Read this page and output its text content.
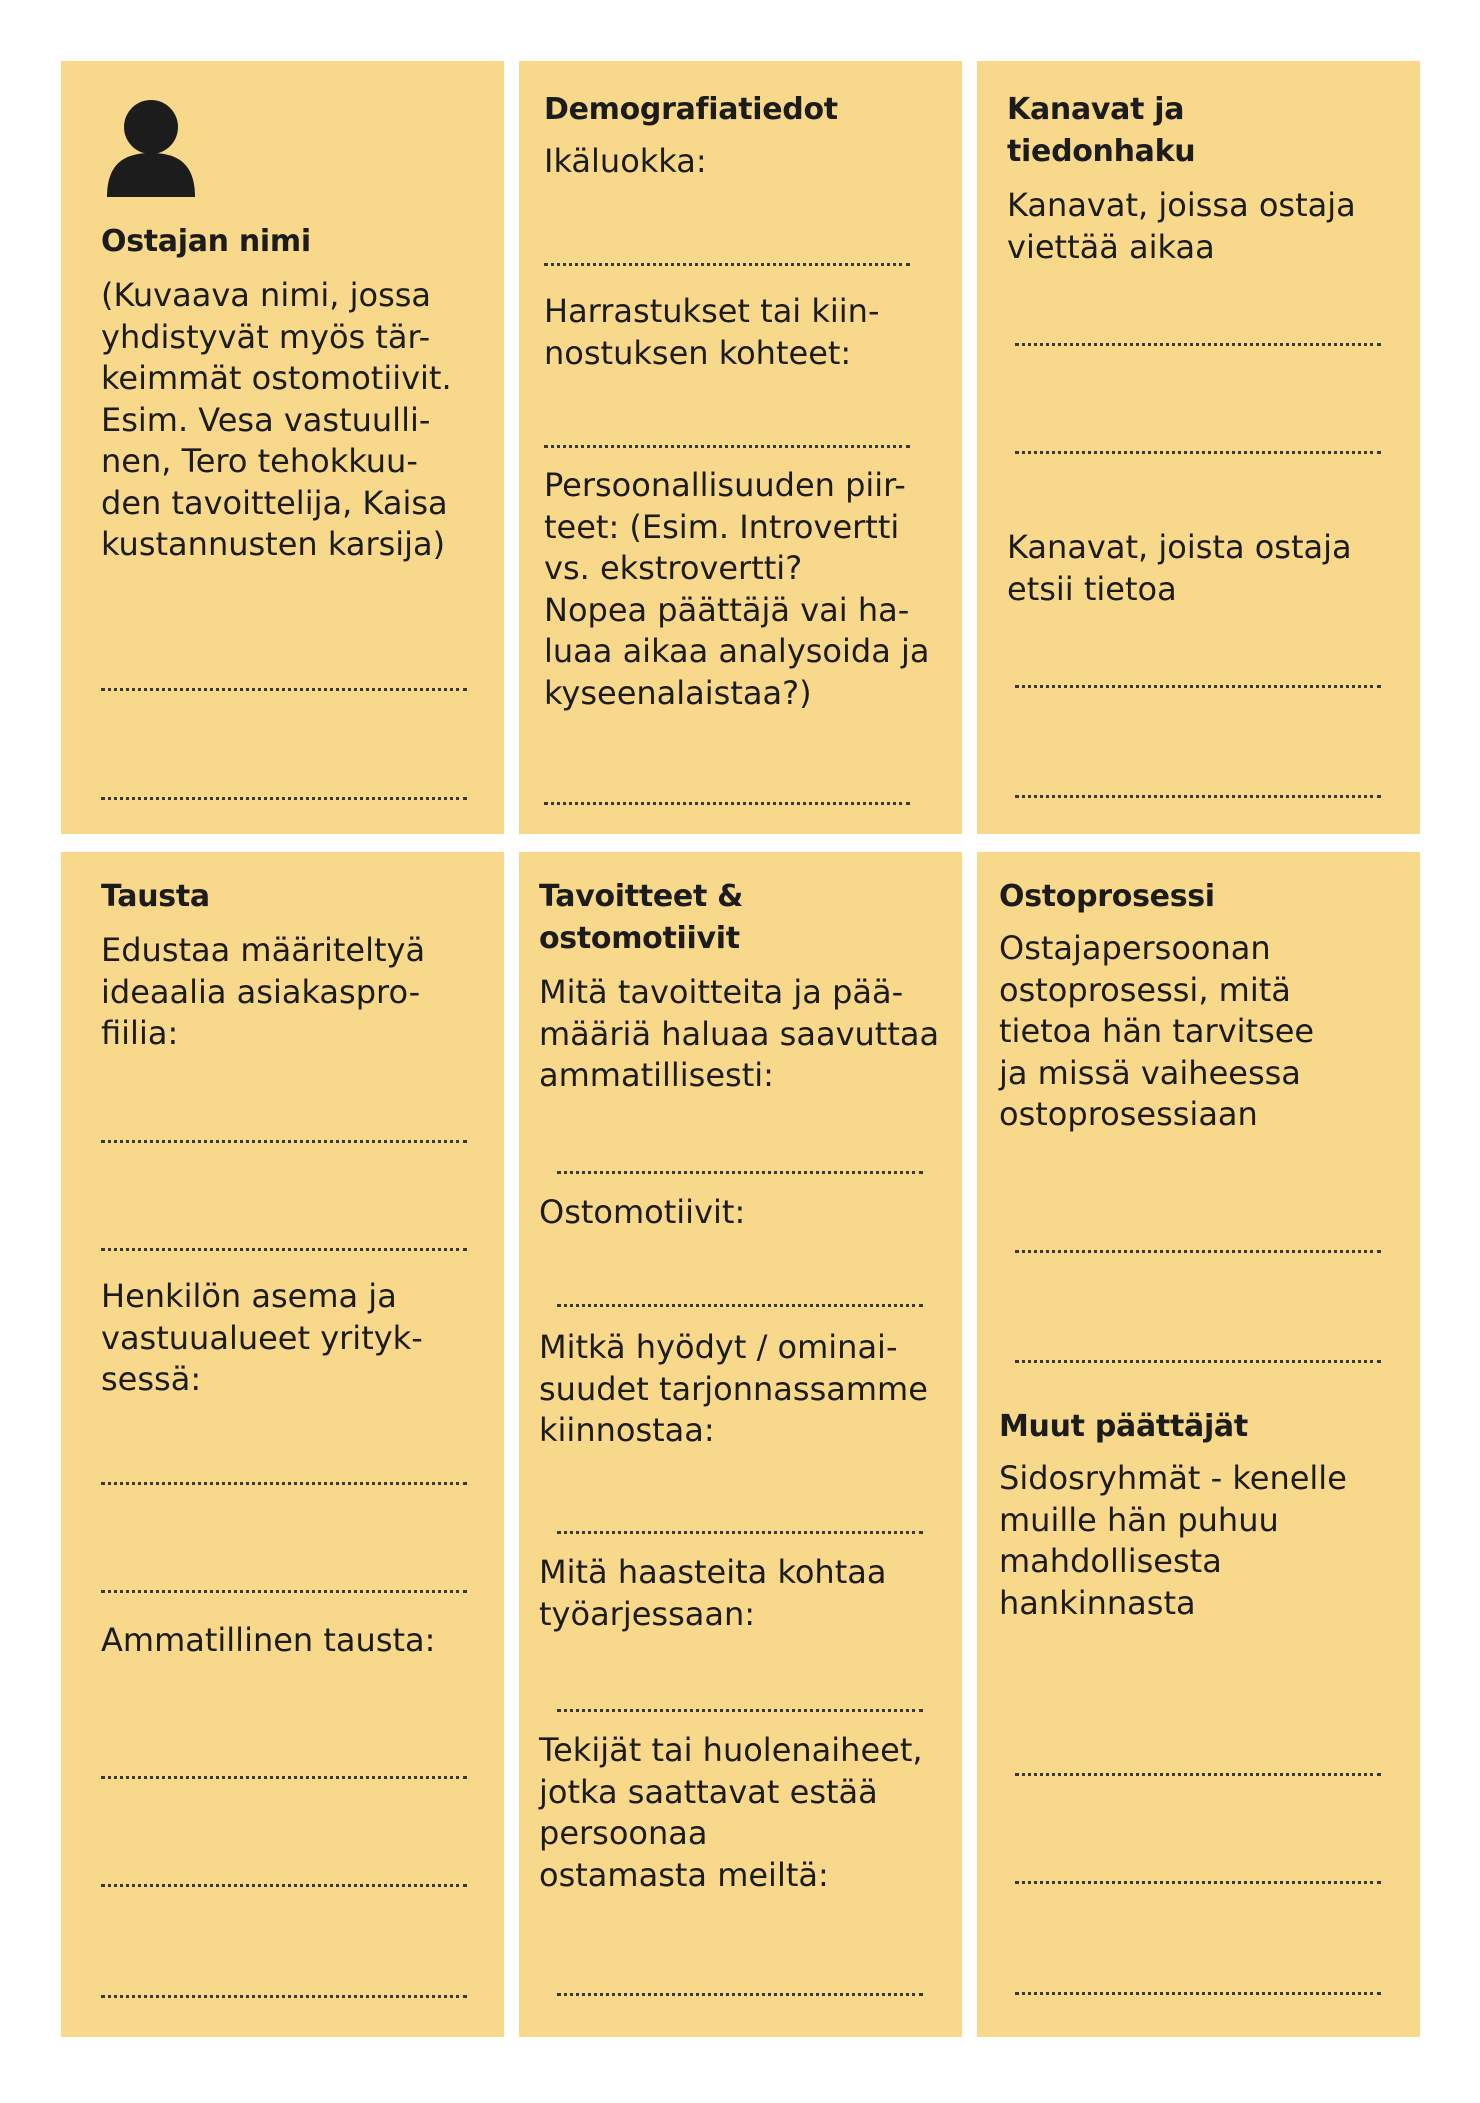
Ostajan nimi

(Kuvaava nimi, jossa
yhdistyvät myös tär-
keimmät ostomotiivit.
Esim. Vesa vastuulli-
nen, Tero tehokkuu-
den tavoittelija, Kaisa
kustannusten karsija)

Demografiatiedot

Ikäluokka:

Harrastukset tai kiin-
nostuksen kohteet:

Persoonallisuuden piir-
teet: (Esim. Introvertti
vs. ekstrovertti?
Nopea päättäjä vai ha-
luaa aikaa analysoida ja
kyseenalaistaa?)

Kanavat ja
tiedonhaku

Kanavat, joissa ostaja
viettää aikaa

Kanavat, joista ostaja
etsii tietoa

Tausta

Edustaa määriteltyä
ideaalia asiakaspro-
fiilia:

Henkilön asema ja
vastuualueet yrityk-
sessä:

Ammatillinen tausta:

Tavoitteet &
ostomotiivit

Mitä tavoitteita ja pää-
määriä haluaa saavuttaa
ammatillisesti:

Ostomotiivit:

Mitkä hyödyt / ominai-
suudet tarjonnassamme
kiinnostaa:

Mitä haasteita kohtaa
työarjessaan:

Tekijät tai huolenaiheet,
jotka saattavat estää
persoonaa
ostamasta meiltä:

Ostoprosessi

Ostajapersoonan
ostoprosessi, mitä
tietoa hän tarvitsee
ja missä vaiheessa
ostoprosessiaan

Muut päättäjät

Sidosryhmät - kenelle
muille hän puhuu
mahdollisesta
hankinnasta
